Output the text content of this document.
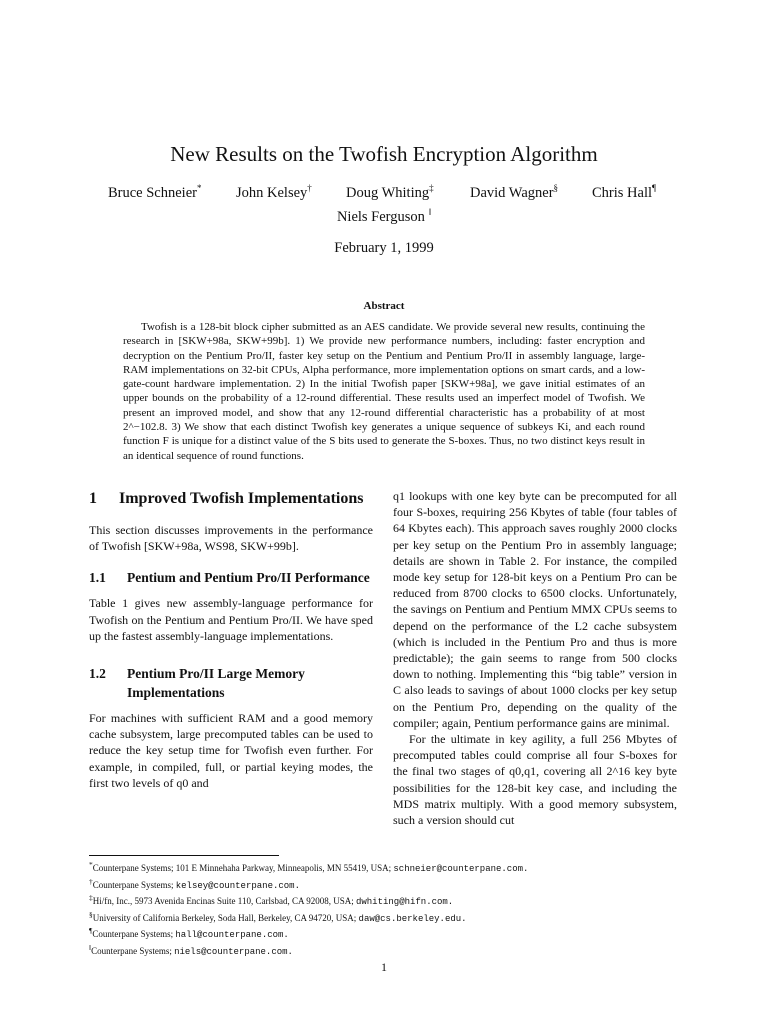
New Results on the Twofish Encryption Algorithm
Bruce Schneier* John Kelsey† Doug Whiting‡	David Wagner§ Chris Hall¶
Niels Ferguson ‖
February 1, 1999
Abstract

Twofish is a 128-bit block cipher submitted as an AES candidate. We provide several new results, continuing the research in [SKW+98a, SKW+99b]. 1) We provide new performance numbers, including: faster encryption and decryption on the Pentium Pro/II, faster key setup on the Pentium and Pentium Pro/II in assembly language, large-RAM implementations on 32-bit CPUs, Alpha performance, more implementation options on smart cards, and a low-gate-count hardware implementation. 2) In the initial Twofish paper [SKW+98a], we gave initial estimates of an upper bounds on the probability of a 12-round differential. These results used an imperfect model of Twofish. We present an improved model, and show that any 12-round differential characteristic has a probability of at most 2^−102.8. 3) We show that each distinct Twofish key generates a unique sequence of subkeys Ki, and each round function F is unique for a distinct value of the S bits used to generate the S-boxes. Thus, no two distinct keys result in an identical sequence of round functions.

1	Improved Twofish Implementations

This section discusses improvements in the performance of Twofish [SKW+98a, WS98, SKW+99b].

1.1	Pentium and Pentium Pro/II Performance

Table 1 gives new assembly-language performance for Twofish on the Pentium and Pentium Pro/II. We have sped up the fastest assembly-language implementations.

1.2	Pentium Pro/II Large Memory Implementations

For machines with sufficient RAM and a good memory cache subsystem, large precomputed tables can be used to reduce the key setup time for Twofish even further. For example, in compiled, full, or partial keying modes, the first two levels of q0 and

q1 lookups with one key byte can be precomputed for all four S-boxes, requiring 256 Kbytes of table (four tables of 64 Kbytes each). This approach saves roughly 2000 clocks per key setup on the Pentium Pro in assembly language; details are shown in Table 2. For instance, the compiled mode key setup for 128-bit keys on a Pentium Pro can be reduced from 8700 clocks to 6500 clocks. Unfortunately, the savings on Pentium and Pentium MMX CPUs seems to depend on the performance of the L2 cache subsystem (which is included in the Pentium Pro and thus is more predictable); the gain seems to range from 500 clocks down to nothing. Implementing this “big table” version in C also leads to savings of about 1000 clocks per key setup on the Pentium Pro, depending on the quality of the compiler; again, Pentium performance gains are minimal.

For the ultimate in key agility, a full 256 Mbytes of precomputed tables could comprise all four S-boxes for the final two stages of q0,q1, covering all 2^16 key byte possibilities for the 128-bit key case, and including the MDS matrix multiply. With a good memory subsystem, such a version should cut

*Counterpane Systems; 101 E Minnehaha Parkway, Minneapolis, MN 55419, USA; schneier@counterpane.com.
†Counterpane Systems; kelsey@counterpane.com.
‡Hi/fn, Inc., 5973 Avenida Encinas Suite 110, Carlsbad, CA 92008, USA; dwhiting@hifn.com.
§University of California Berkeley, Soda Hall, Berkeley, CA 94720, USA; daw@cs.berkeley.edu.
¶Counterpane Systems; hall@counterpane.com.
‖Counterpane Systems; niels@counterpane.com.
1
